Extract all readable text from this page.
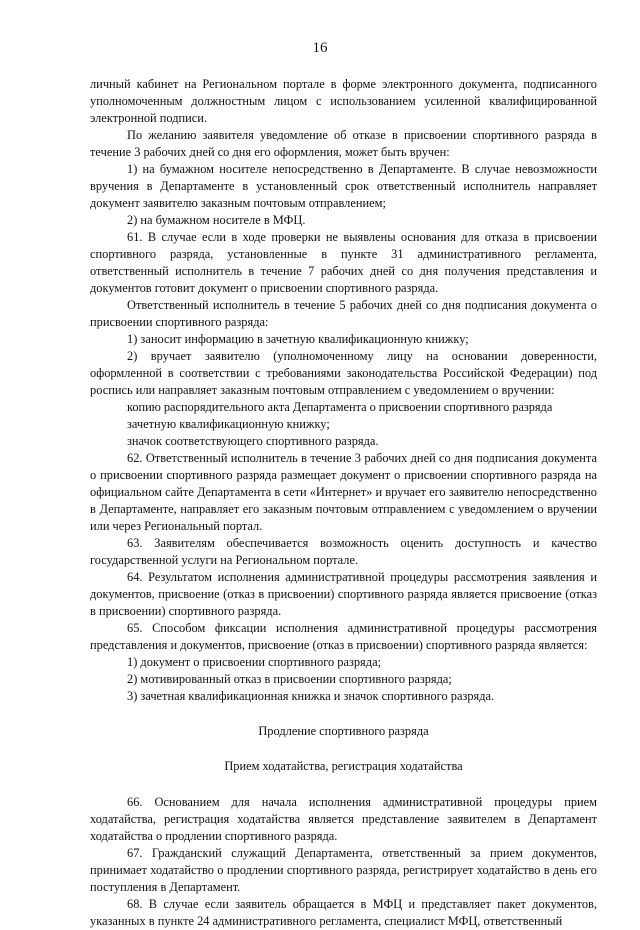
16

личный кабинет на Региональном портале в форме электронного документа, подписанного уполномоченным должностным лицом с использованием усиленной квалифицированной электронной подписи.

По желанию заявителя уведомление об отказе в присвоении спортивного разряда в течение 3 рабочих дней со дня его оформления, может быть вручен:

1) на бумажном носителе непосредственно в Департаменте. В случае невозможности вручения в Департаменте в установленный срок ответственный исполнитель направляет документ заявителю заказным почтовым отправлением;

2) на бумажном носителе в МФЦ.

61. В случае если в ходе проверки не выявлены основания для отказа в присвоении спортивного разряда, установленные в пункте 31 административного регламента, ответственный исполнитель в течение 7 рабочих дней со дня получения представления и документов готовит документ о присвоении спортивного разряда.

Ответственный исполнитель в течение 5 рабочих дней со дня подписания документа о присвоении спортивного разряда:

1) заносит информацию в зачетную квалификационную книжку;

2) вручает заявителю (уполномоченному лицу на основании доверенности, оформленной в соответствии с требованиями законодательства Российской Федерации) под роспись или направляет заказным почтовым отправлением с уведомлением о вручении:

копию распорядительного акта Департамента о присвоении спортивного разряда

зачетную квалификационную книжку;

значок соответствующего спортивного разряда.

62. Ответственный исполнитель в течение 3 рабочих дней со дня подписания документа о присвоении спортивного разряда размещает документ о присвоении спортивного разряда на официальном сайте Департамента в сети «Интернет» и вручает его заявителю непосредственно в Департаменте, направляет его заказным почтовым отправлением с уведомлением о вручении или через Региональный портал.

63. Заявителям обеспечивается возможность оценить доступность и качество государственной услуги на Региональном портале.

64. Результатом исполнения административной процедуры рассмотрения заявления и документов, присвоение (отказ в присвоении) спортивного разряда является присвоение (отказ в присвоении) спортивного разряда.

65. Способом фиксации исполнения административной процедуры рассмотрения представления и документов, присвоение (отказ в присвоении) спортивного разряда является:

1) документ о присвоении спортивного разряда;

2) мотивированный отказ в присвоении спортивного разряда;

3) зачетная квалификационная книжка и значок спортивного разряда.

Продление спортивного разряда

Прием ходатайства, регистрация ходатайства

66. Основанием для начала исполнения административной процедуры прием ходатайства, регистрация ходатайства является представление заявителем в Департамент ходатайства о продлении спортивного разряда.

67. Гражданский служащий Департамента, ответственный за прием документов, принимает ходатайство о продлении спортивного разряда, регистрирует ходатайство в день его поступления в Департамент.

68. В случае если заявитель обращается в МФЦ и представляет пакет документов, указанных в пункте 24 административного регламента, специалист МФЦ, ответственный
